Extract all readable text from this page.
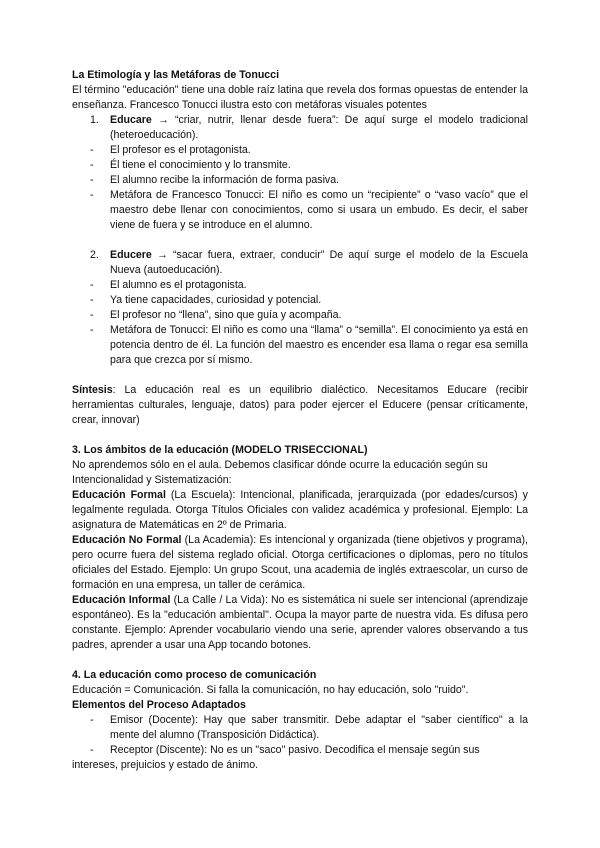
La Etimología y las Metáforas de Tonucci

El término "educación" tiene una doble raíz latina que revela dos formas opuestas de entender la enseñanza. Francesco Tonucci ilustra esto con metáforas visuales potentes

1. Educare → “criar, nutrir, llenar desde fuera”: De aquí surge el modelo tradicional (heteroeducación).

- El profesor es el protagonista.

- Él tiene el conocimiento y lo transmite.

- El alumno recibe la información de forma pasiva.

- Metáfora de Francesco Tonucci: El niño es como un “recipiente” o “vaso vacío” que el maestro debe llenar con conocimientos, como si usara un embudo. Es decir, el saber viene de fuera y se introduce en el alumno.

2. Educere → “sacar fuera, extraer, conducir” De aquí surge el modelo de la Escuela Nueva (autoeducación).

- El alumno es el protagonista.

- Ya tiene capacidades, curiosidad y potencial.

- El profesor no “llena”, sino que guía y acompaña.

- Metáfora de Tonucci: El niño es como una “llama” o “semilla”. El conocimiento ya está en potencia dentro de él. La función del maestro es encender esa llama o regar esa semilla para que crezca por sí mismo.

Síntesis: La educación real es un equilibrio dialéctico. Necesitamos Educare (recibir herramientas culturales, lenguaje, datos) para poder ejercer el Educere (pensar críticamente, crear, innovar)

3. Los ámbitos de la educación (MODELO TRISECCIONAL)

No aprendemos sólo en el aula. Debemos clasificar dónde ocurre la educación según su Intencionalidad y Sistematización:

Educación Formal (La Escuela): Intencional, planificada, jerarquizada (por edades/cursos) y legalmente regulada. Otorga Títulos Oficiales con validez académica y profesional. Ejemplo: La asignatura de Matemáticas en 2º de Primaria.

Educación No Formal (La Academia): Es intencional y organizada (tiene objetivos y programa), pero ocurre fuera del sistema reglado oficial. Otorga certificaciones o diplomas, pero no títulos oficiales del Estado. Ejemplo: Un grupo Scout, una academia de inglés extraescolar, un curso de formación en una empresa, un taller de cerámica.

Educación Informal (La Calle / La Vida): No es sistemática ni suele ser intencional (aprendizaje espontáneo). Es la "educación ambiental". Ocupa la mayor parte de nuestra vida. Es difusa pero constante. Ejemplo: Aprender vocabulario viendo una serie, aprender valores observando a tus padres, aprender a usar una App tocando botones.

4. La educación como proceso de comunicación

Educación = Comunicación. Si falla la comunicación, no hay educación, solo "ruido".

Elementos del Proceso Adaptados

- Emisor (Docente): Hay que saber transmitir. Debe adaptar el "saber científico" a la mente del alumno (Transposición Didáctica).

-	Receptor (Discente): No es un "saco" pasivo. Decodifica el mensaje según sus
intereses, prejuicios y estado de ánimo.
